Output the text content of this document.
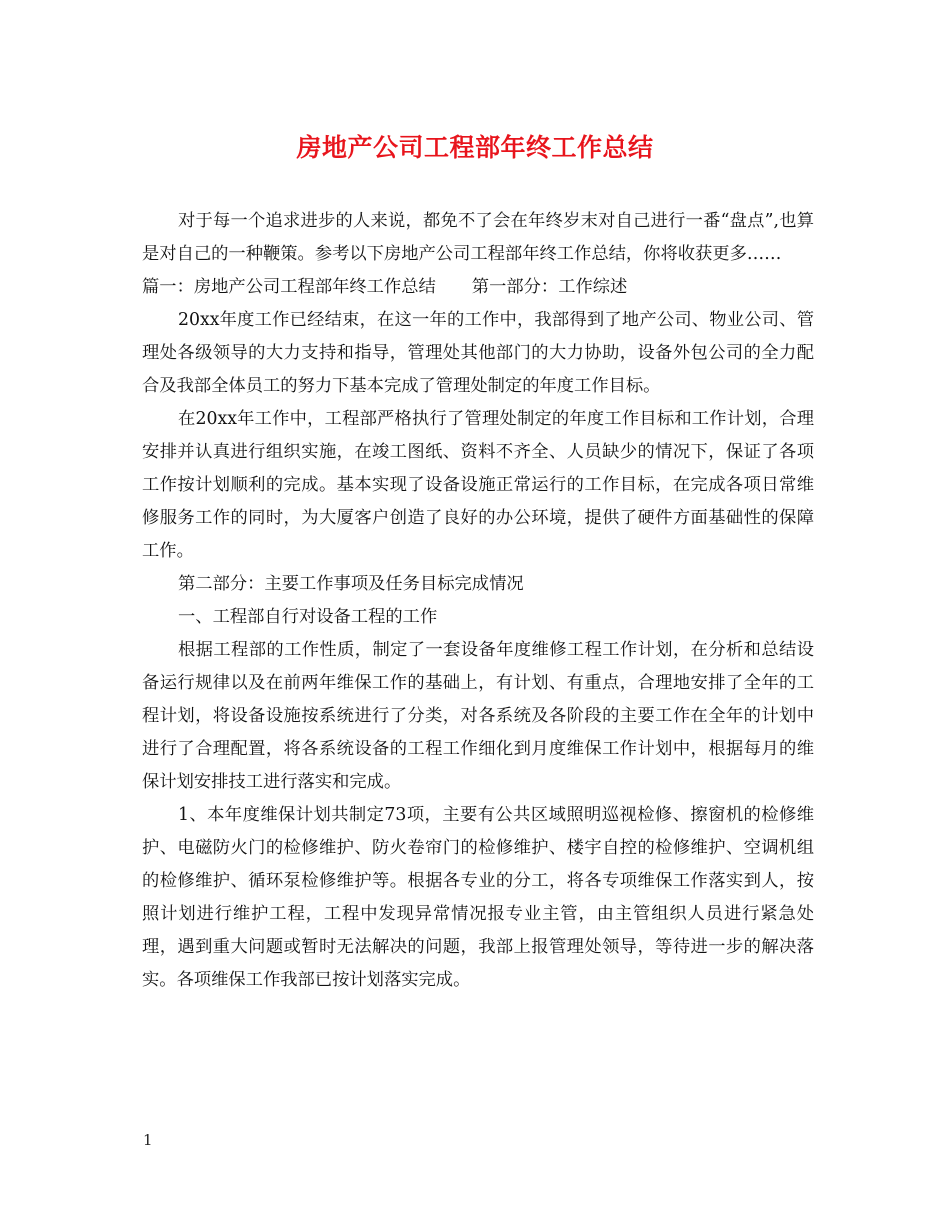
房地产公司工程部年终工作总结

对于每一个追求进步的人来说，都免不了会在年终岁末对自己进行一番“盘点”,也算是对自己的一种鞭策。参考以下房地产公司工程部年终工作总结，你将收获更多……

篇一：房地产公司工程部年终工作总结 第一部分：工作综述

20xx年度工作已经结束，在这一年的工作中，我部得到了地产公司、物业公司、管理处各级领导的大力支持和指导，管理处其他部门的大力协助，设备外包公司的全力配合及我部全体员工的努力下基本完成了管理处制定的年度工作目标。

在20xx年工作中，工程部严格执行了管理处制定的年度工作目标和工作计划，合理安排并认真进行组织实施，在竣工图纸、资料不齐全、人员缺少的情况下，保证了各项工作按计划顺利的完成。基本实现了设备设施正常运行的工作目标，在完成各项日常维修服务工作的同时，为大厦客户创造了良好的办公环境，提供了硬件方面基础性的保障工作。

第二部分：主要工作事项及任务目标完成情况

一、工程部自行对设备工程的工作

根据工程部的工作性质，制定了一套设备年度维修工程工作计划，在分析和总结设备运行规律以及在前两年维保工作的基础上，有计划、有重点，合理地安排了全年的工程计划，将设备设施按系统进行了分类，对各系统及各阶段的主要工作在全年的计划中进行了合理配置，将各系统设备的工程工作细化到月度维保工作计划中，根据每月的维保计划安排技工进行落实和完成。

1、本年度维保计划共制定73项，主要有公共区域照明巡视检修、擦窗机的检修维护、电磁防火门的检修维护、防火卷帘门的检修维护、楼宇自控的检修维护、空调机组的检修维护、循环泵检修维护等。根据各专业的分工，将各专项维保工作落实到人，按照计划进行维护工程，工程中发现异常情况报专业主管，由主管组织人员进行紧急处理，遇到重大问题或暂时无法解决的问题，我部上报管理处领导，等待进一步的解决落实。各项维保工作我部已按计划落实完成。

1
